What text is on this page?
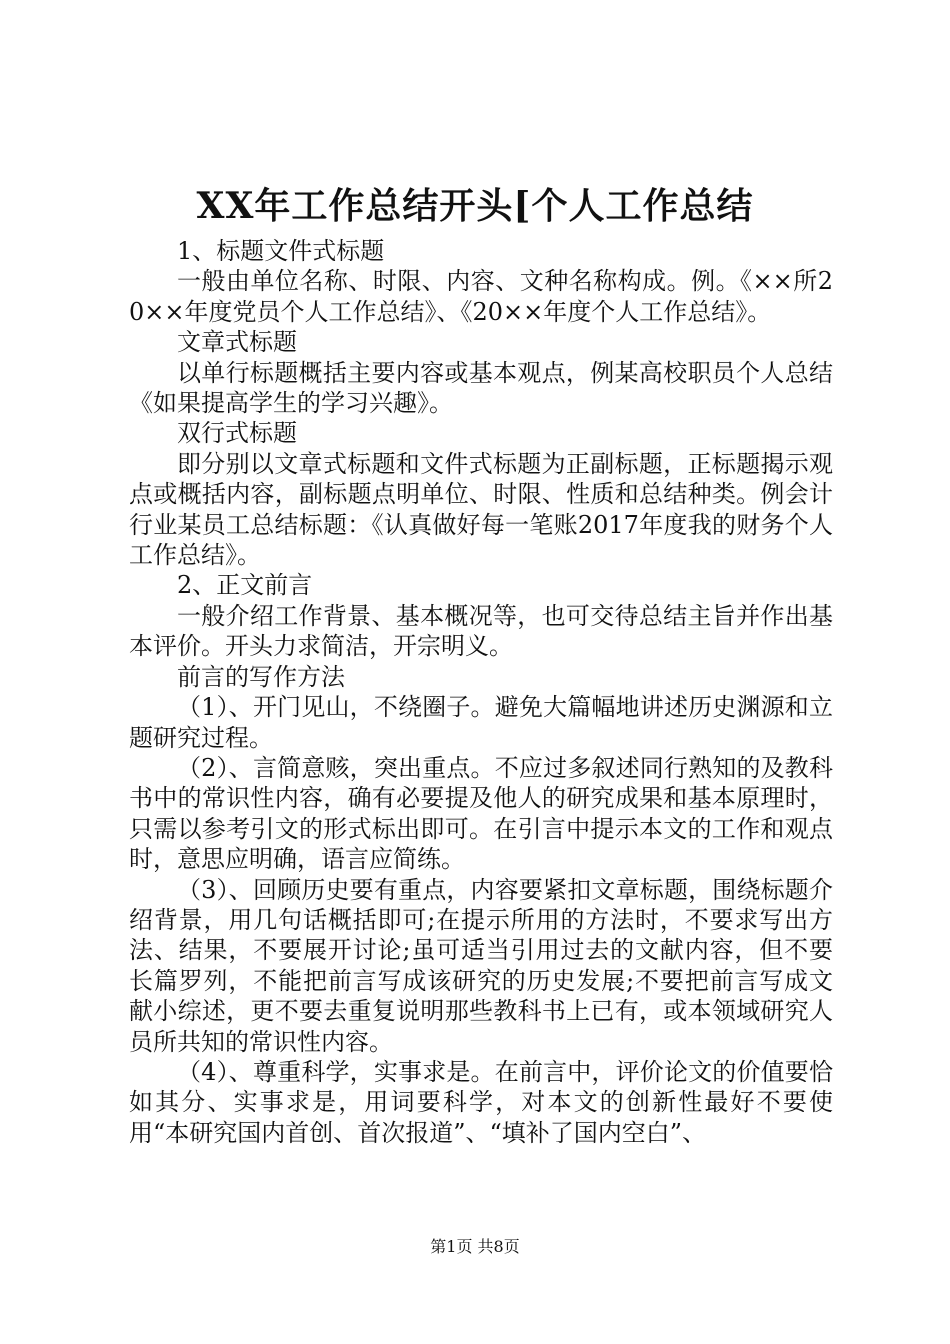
XX年工作总结开头[个人工作总结

1、标题文件式标题

一般由单位名称、时限、内容、文种名称构成。例。《××所20××年度党员个人工作总结》、《20××年度个人工作总结》。

文章式标题

以单行标题概括主要内容或基本观点，例某高校职员个人总结《如果提高学生的学习兴趣》。

双行式标题

即分别以文章式标题和文件式标题为正副标题，正标题揭示观点或概括内容，副标题点明单位、时限、性质和总结种类。例会计行业某员工总结标题：《认真做好每一笔账2017年度我的财务个人工作总结》。

2、正文前言

一般介绍工作背景、基本概况等，也可交待总结主旨并作出基本评价。开头力求简洁，开宗明义。

前言的写作方法

（1）、开门见山，不绕圈子。避免大篇幅地讲述历史渊源和立题研究过程。

（2）、言简意赅，突出重点。不应过多叙述同行熟知的及教科书中的常识性内容，确有必要提及他人的研究成果和基本原理时，只需以参考引文的形式标出即可。在引言中提示本文的工作和观点时，意思应明确，语言应简练。

（3）、回顾历史要有重点，内容要紧扣文章标题，围绕标题介绍背景，用几句话概括即可;在提示所用的方法时，不要求写出方法、结果，不要展开讨论;虽可适当引用过去的文献内容，但不要长篇罗列，不能把前言写成该研究的历史发展;不要把前言写成文献小综述，更不要去重复说明那些教科书上已有，或本领域研究人员所共知的常识性内容。

（4）、尊重科学，实事求是。在前言中，评价论文的价值要恰如其分、实事求是，用词要科学，对本文的创新性最好不要使用“本研究国内首创、首次报道”、“填补了国内空白”、

第1页 共8页
